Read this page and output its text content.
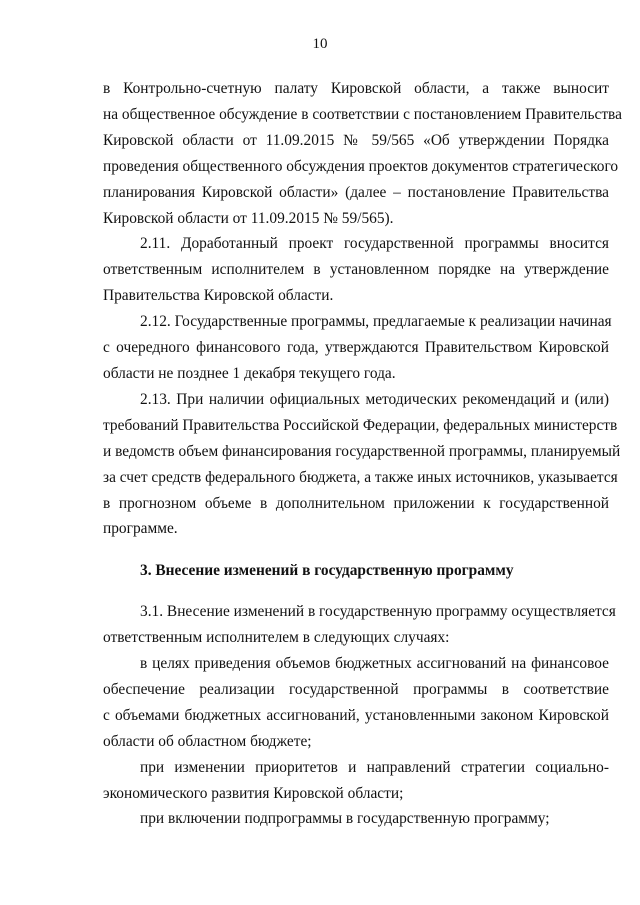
10
в Контрольно-счетную палату Кировской области, а также выносит
на общественное обсуждение в соответствии с постановлением Правительства
Кировской области от 11.09.2015 № 59/565 «Об утверждении Порядка
проведения общественного обсуждения проектов документов стратегического
планирования Кировской области» (далее – постановление Правительства
Кировской области от 11.09.2015 № 59/565).
2.11. Доработанный проект государственной программы вносится
ответственным исполнителем в установленном порядке на утверждение
Правительства Кировской области.
2.12. Государственные программы, предлагаемые к реализации начиная
с очередного финансового года, утверждаются Правительством Кировской
области не позднее 1 декабря текущего года.
2.13. При наличии официальных методических рекомендаций и (или)
требований Правительства Российской Федерации, федеральных министерств
и ведомств объем финансирования государственной программы, планируемый
за счет средств федерального бюджета, а также иных источников, указывается
в прогнозном объеме в дополнительном приложении к государственной
программе.
3. Внесение изменений в государственную программу
3.1. Внесение изменений в государственную программу осуществляется
ответственным исполнителем в следующих случаях:
в целях приведения объемов бюджетных ассигнований на финансовое
обеспечение реализации государственной программы в соответствие
с объемами бюджетных ассигнований, установленными законом Кировской
области об областном бюджете;
при изменении приоритетов и направлений стратегии социально-
экономического развития Кировской области;
при включении подпрограммы в государственную программу;
